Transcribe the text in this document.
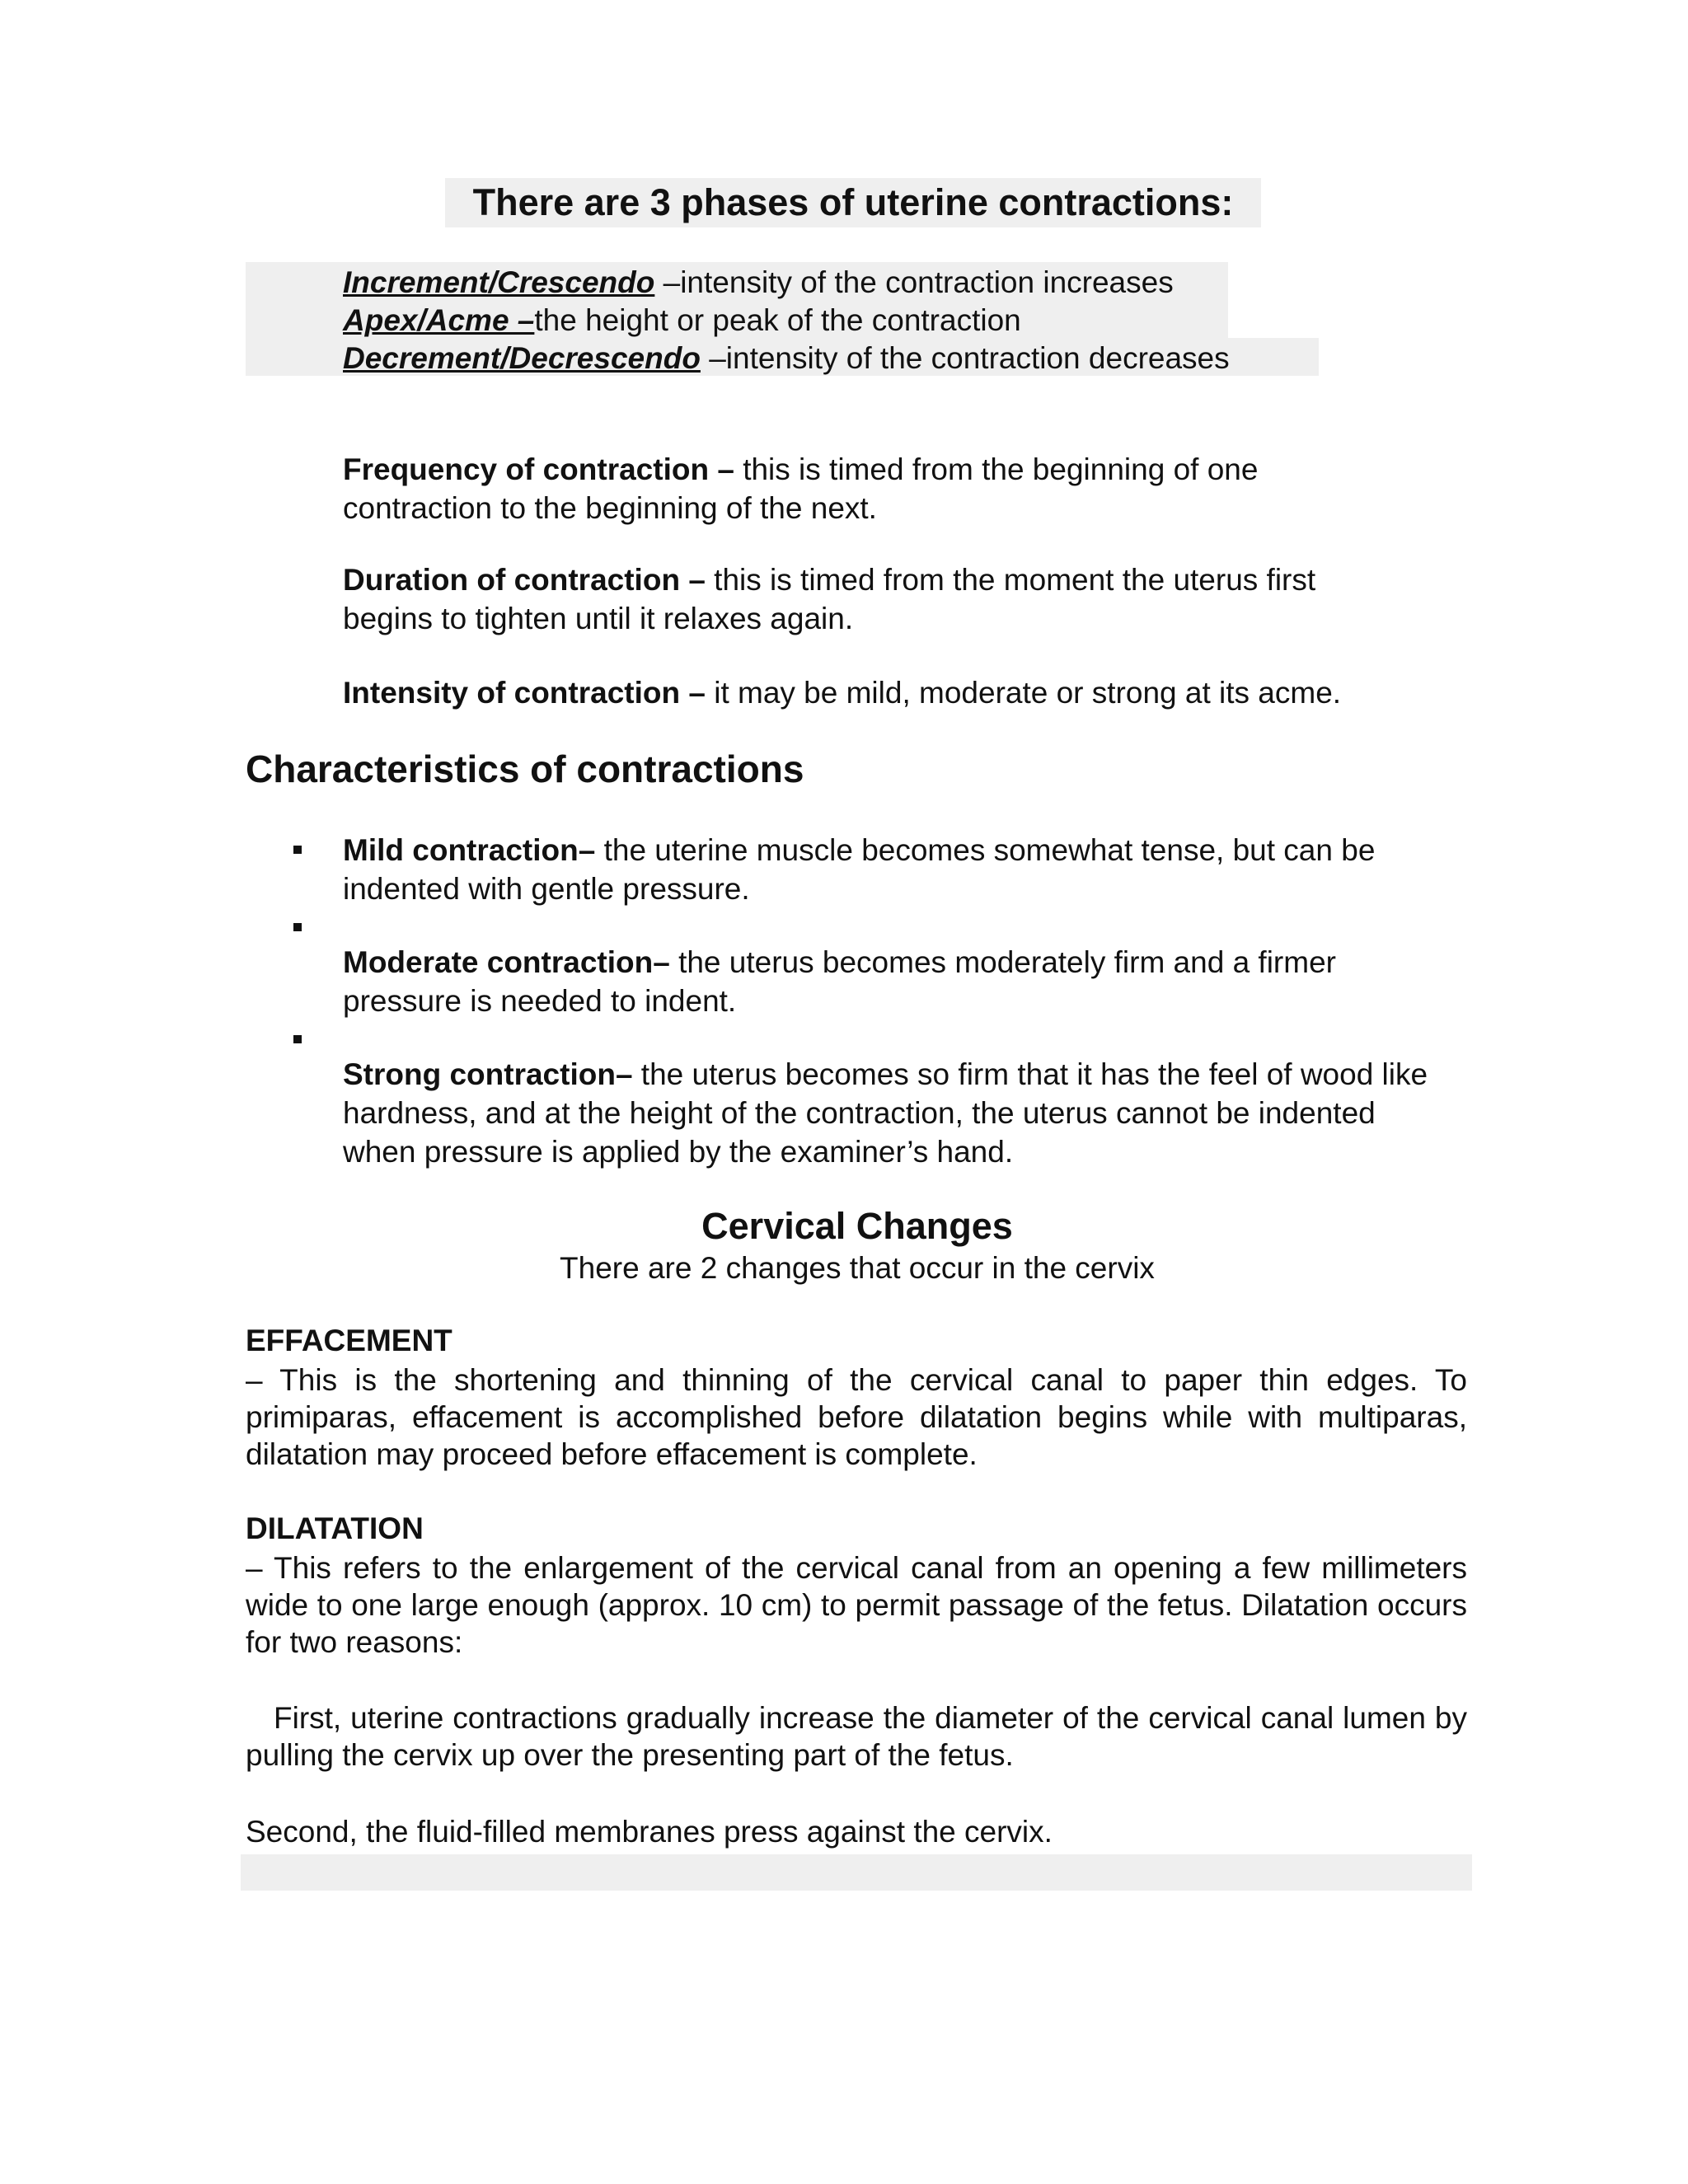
There are 3 phases of uterine contractions:
Increment/Crescendo –intensity of the contraction increases
Apex/Acme –the height or peak of the contraction
Decrement/Decrescendo –intensity of the contraction decreases
Frequency of contraction – this is timed from the beginning of one contraction to the beginning of the next.
Duration of contraction – this is timed from the moment the uterus first begins to tighten until it relaxes again.
Intensity of contraction – it may be mild, moderate or strong at its acme.
Characteristics of contractions
Mild contraction– the uterine muscle becomes somewhat tense, but can be indented with gentle pressure.
Moderate contraction– the uterus becomes moderately firm and a firmer pressure is needed to indent.
Strong contraction– the uterus becomes so firm that it has the feel of wood like hardness, and at the height of the contraction, the uterus cannot be indented when pressure is applied by the examiner’s hand.
Cervical Changes
There are 2 changes that occur in the cervix
EFFACEMENT
– This is the shortening and thinning of the cervical canal to paper thin edges. To primiparas, effacement is accomplished before dilatation begins while with multiparas, dilatation may proceed before effacement is complete.
DILATATION
– This refers to the enlargement of the cervical canal from an opening a few millimeters wide to one large enough (approx. 10 cm) to permit passage of the fetus. Dilatation occurs for two reasons:
First, uterine contractions gradually increase the diameter of the cervical canal lumen by pulling the cervix up over the presenting part of the fetus.
Second, the fluid-filled membranes press against the cervix.
